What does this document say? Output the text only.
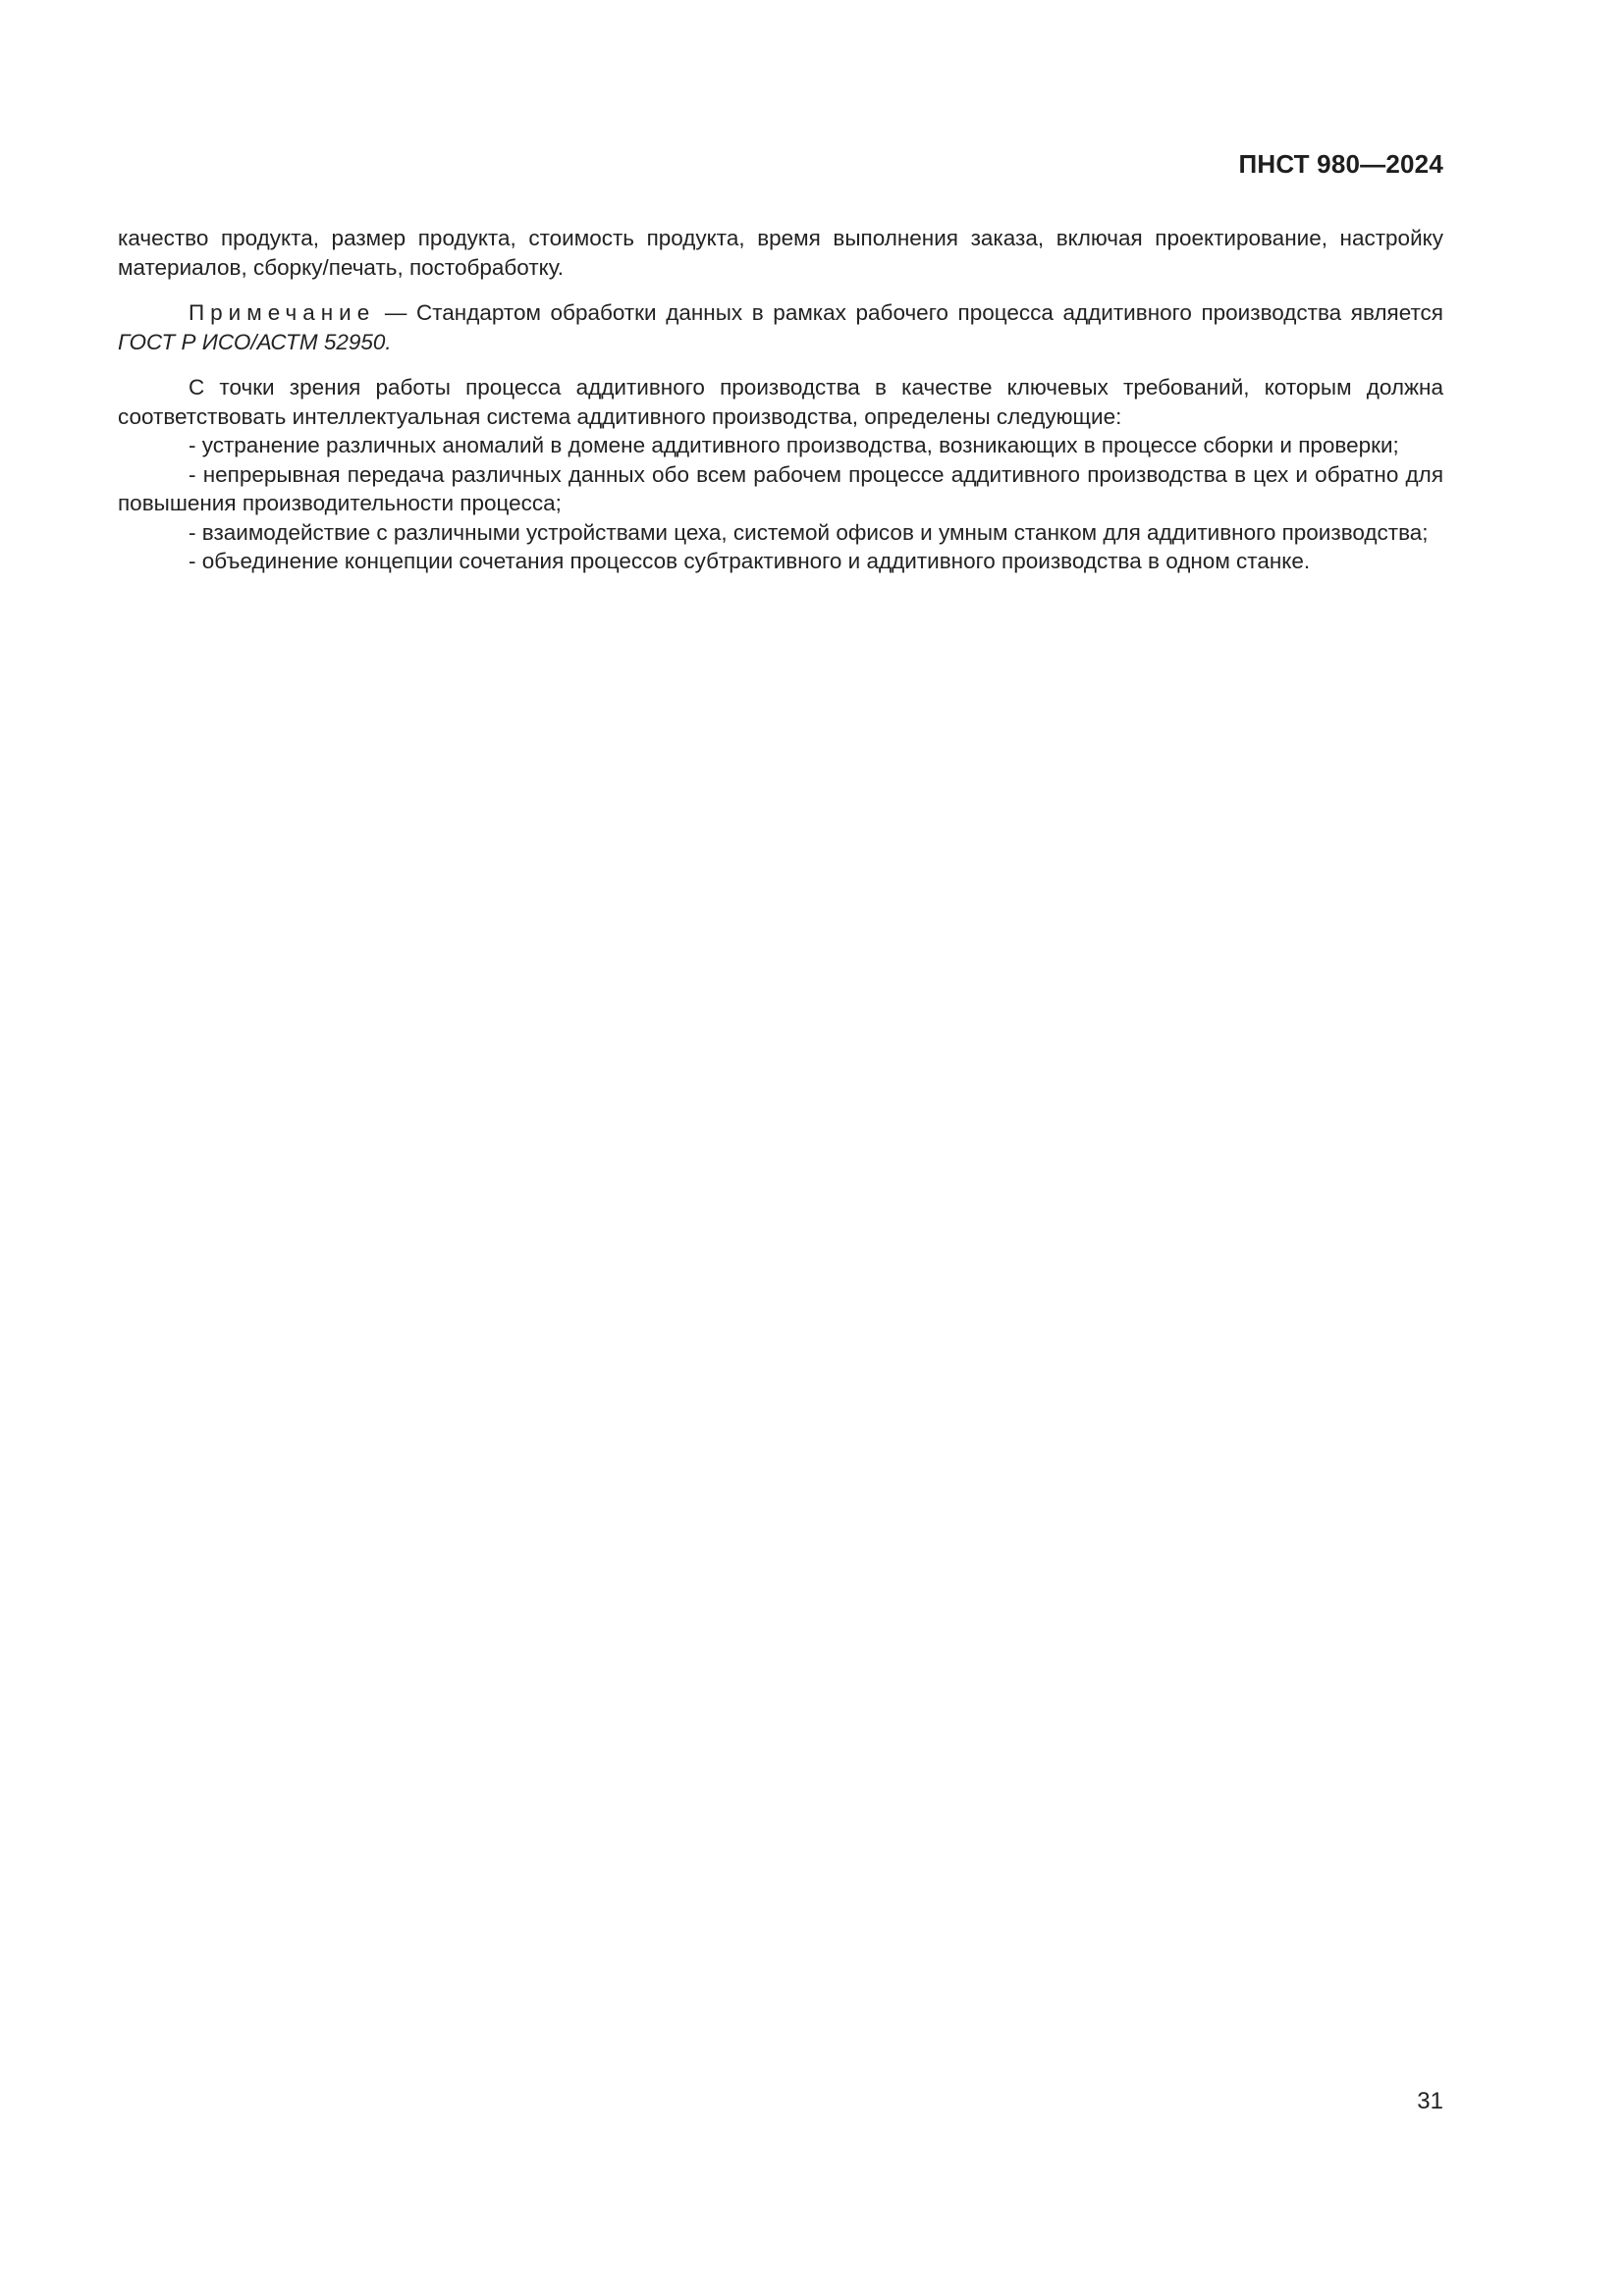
ПНСТ 980—2024

качество продукта, размер продукта, стоимость продукта, время выполнения заказа, включая проектирование, настройку материалов, сборку/печать, постобработку.

Примечание — Стандартом обработки данных в рамках рабочего процесса аддитивного производства является ГОСТ Р ИСО/АСТМ 52950.

С точки зрения работы процесса аддитивного производства в качестве ключевых требований, которым должна соответствовать интеллектуальная система аддитивного производства, определены следующие:

- устранение различных аномалий в домене аддитивного производства, возникающих в процессе сборки и проверки;

- непрерывная передача различных данных обо всем рабочем процессе аддитивного производства в цех и обратно для повышения производительности процесса;

- взаимодействие с различными устройствами цеха, системой офисов и умным станком для аддитивного производства;

- объединение концепции сочетания процессов субтрактивного и аддитивного производства в одном станке.

31
